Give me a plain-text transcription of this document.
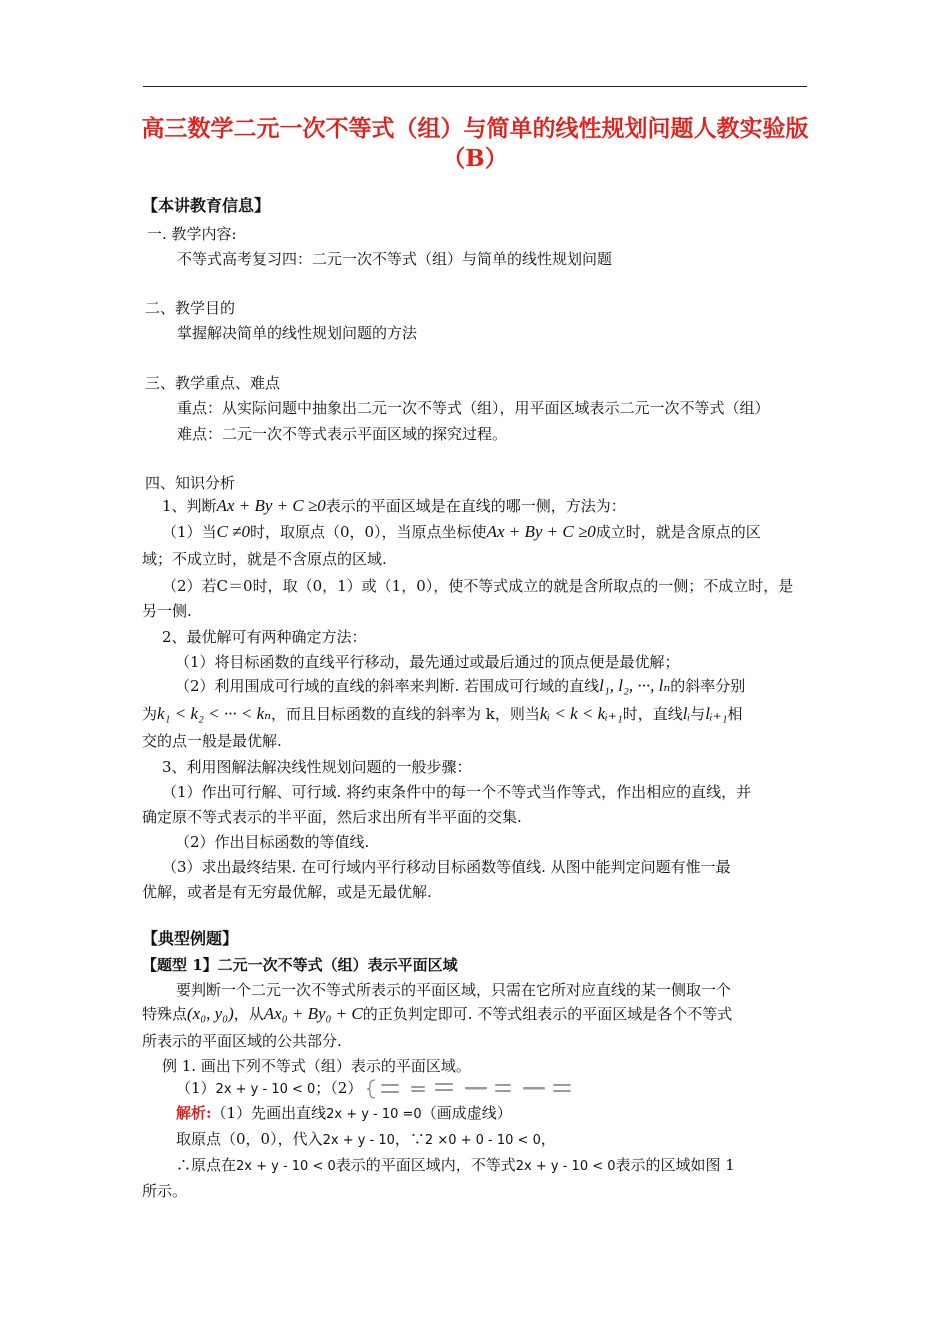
高三数学二元一次不等式（组）与简单的线性规划问题人教实验版
（B）
【本讲教育信息】
一. 教学内容:
不等式高考复习四：二元一次不等式（组）与简单的线性规划问题
二、教学目的
掌握解决简单的线性规划问题的方法
三、教学重点、难点
重点：从实际问题中抽象出二元一次不等式（组），用平面区域表示二元一次不等式（组）
难点：二元一次不等式表示平面区域的探究过程。
四、知识分析
1、判断Ax + By + C ≥0表示的平面区域是在直线的哪一侧，方法为：
（1）当C ≠0时，取原点（0，0），当原点坐标使Ax + By + C ≥0成立时，就是含原点的区
域；不成立时，就是不含原点的区域.
（2）若C＝0时，取（0，1）或（1，0），使不等式成立的就是含所取点的一侧；不成立时，是
另一侧.
2、最优解可有两种确定方法：
（1）将目标函数的直线平行移动，最先通过或最后通过的顶点便是最优解；
（2）利用围成可行域的直线的斜率来判断. 若围成可行域的直线l₁, l₂, ···, lₙ的斜率分别
为k₁ < k₂ < ··· < kₙ，而且目标函数的直线的斜率为 k，则当kᵢ < k < kᵢ₊₁时，直线lᵢ与lᵢ₊₁相
交的点一般是最优解.
3、利用图解法解决线性规划问题的一般步骤：
（1）作出可行解、可行域. 将约束条件中的每一个不等式当作等式，作出相应的直线，并
确定原不等式表示的半平面，然后求出所有半平面的交集.
（2）作出目标函数的等值线.
（3）求出最终结果. 在可行域内平行移动目标函数等值线. 从图中能判定问题有惟一最
优解，或者是有无穷最优解，或是无最优解.
【典型例题】
【题型 1】二元一次不等式（组）表示平面区域
要判断一个二元一次不等式所表示的平面区域，只需在它所对应直线的某一侧取一个
特殊点(x₀, y₀)，从Ax₀ + By₀ + C的正负判定即可. 不等式组表示的平面区域是各个不等式
所表示的平面区域的公共部分.
例 1. 画出下列不等式（组）表示的平面区域。
（1）2x + y - 10 < 0；（2）
解析:（1）先画出直线2x + y - 10 =0（画成虚线）
取原点（0，0），代入2x + y - 10，∵2 ×0 + 0 - 10 < 0，
∴原点在2x + y - 10 < 0表示的平面区域内，不等式2x + y - 10 < 0表示的区域如图 1
所示。
